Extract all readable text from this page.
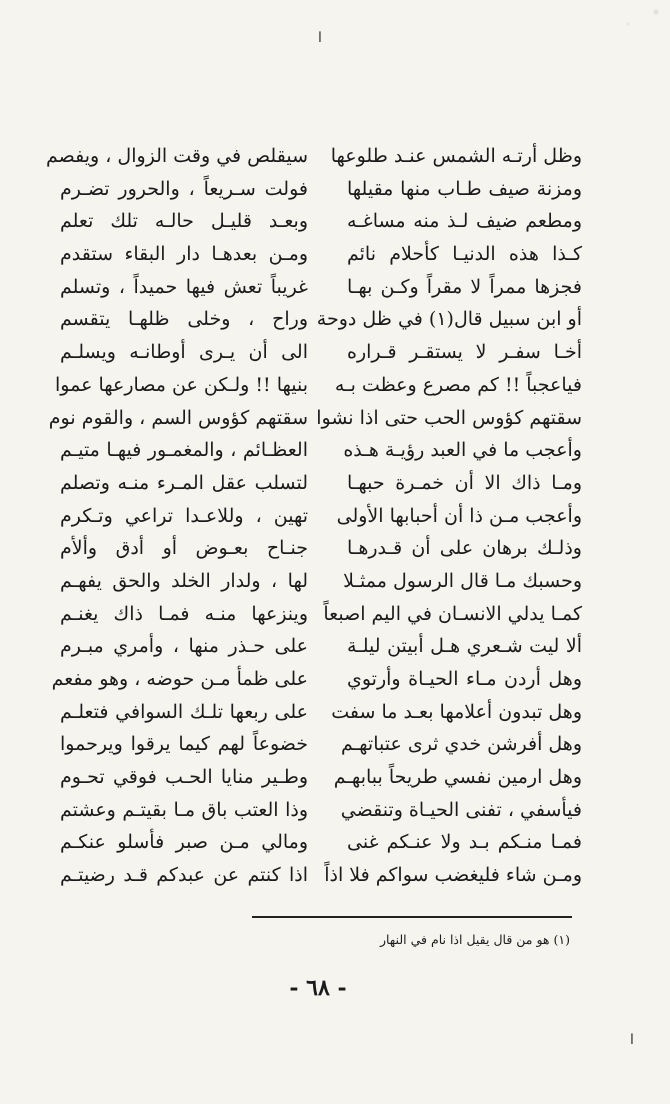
ا
وظل أرتـه الشمس عنـد طلوعها
سيقلص في وقت الزوال ، ويفصم
ومزنة صيف طـاب منها مقيلها
فولت سـريعاً ، والحرور تضـرم
ومطعم ضيف لـذ منه مساغـه
وبعـد قليـل حالـه تلك تعلم
كـذا هذه الدنيـا كأحلام نائم
ومـن بعدهـا دار البقاء ستقدم
فجزها ممراً لا مقراً وكـن بهـا
غريباً تعش فيها حميداً ، وتسلم
أو ابن سبيل قال(١) في ظل دوحة
وراح ، وخلى ظلهـا يتقسم
أخـا سفـر لا يستقـر قـراره
الى أن يـرى أوطانـه ويسلـم
فياعجباً !! كم مصرع وعظت بـه
بنيها !! ولـكن عن مصارعها عموا
سقتهم كؤوس الحب حتى اذا نشوا
سقتهم كؤوس السم ، والقوم نوم
وأعجب ما في العبد رؤيـة هـذه
العظـائم ، والمغمـور فيهـا متيـم
ومـا ذاك الا أن خمـرة حبهـا
لتسلب عقل المـرء منـه وتصلم
وأعجب مـن ذا أن أحبابها الأولى
تهين ، وللاعـدا تراعي وتـكرم
وذلـك برهان على أن قـدرهـا
جنـاح بعـوض أو أدق وألأم
وحسبك مـا قال الرسول ممثـلا
لها ، ولدار الخلد والحق يفهـم
كمـا يدلي الانسـان في اليم اصبعاً
وينزعها منـه فمـا ذاك يغنـم
ألا ليت شـعري هـل أبيتن ليلـة
على حـذر منها ، وأمري مبـرم
وهل أردن مـاء الحيـاة وأرتوي
على ظمأ مـن حوضه ، وهو مفعم
وهل تبدون أعلامها بعـد ما سفت
على ربعها تلـك السوافي فتعلـم
وهل أفرشن خدي ثرى عتباتهـم
خضوعاً لهم كيما يرقوا ويرحموا
وهل ارمين نفسي طريحاً ببابهـم
وطـير منايا الحـب فوقي تحـوم
فيأسفي ، تفنى الحيـاة وتنقضي
وذا العتب باق مـا بقيتـم وعشتم
فمـا منـكم بـد ولا عنـكم غنى
ومالي مـن صبر فأسلو عنكـم
ومـن شاء فليغضب سواكم فلا اذاً
اذا كنتم عن عبدكم قـد رضيتـم
(١) هو من قال يقيل اذا نام في النهار
- ٦٨ -
ا
